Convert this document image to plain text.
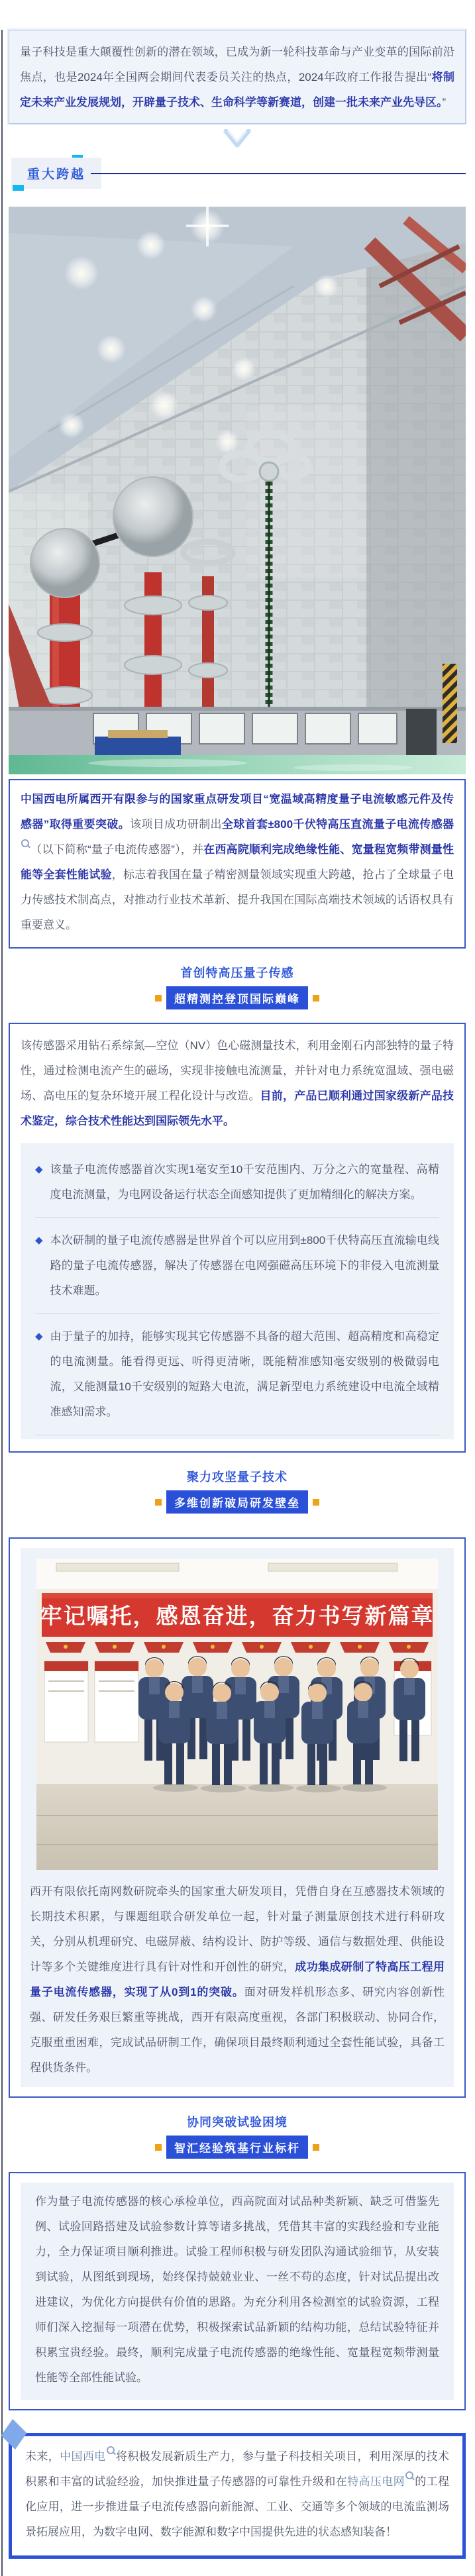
量子科技是重大颠覆性创新的潜在领域，已成为新一轮科技革命与产业变革的国际前沿焦点，也是2024年全国两会期间代表委员关注的热点，2024年政府工作报告提出“将制定未来产业发展规划，开辟量子技术、生命科学等新赛道，创建一批未来产业先导区。”

重大跨越

中国西电所属西开有限参与的国家重点研发项目“宽温域高精度量子电流敏感元件及传感器”取得重要突破。该项目成功研制出全球首套±800千伏特高压直流量子电流传感器（以下简称“量子电流传感器”），并在西高院顺利完成绝缘性能、宽量程宽频带测量性能等全套性能试验，标志着我国在量子精密测量领域实现重大跨越，抢占了全球量子电力传感技术制高点，对推动行业技术革新、提升我国在国际高端技术领域的话语权具有重要意义。

首创特高压量子传感
超精测控登顶国际巅峰

该传感器采用钻石系综氮—空位（NV）色心磁测量技术，利用金刚石内部独特的量子特性，通过检测电流产生的磁场，实现非接触电流测量，并针对电力系统宽温域、强电磁场、高电压的复杂环境开展工程化设计与改造。目前，产品已顺利通过国家级新产品技术鉴定，综合技术性能达到国际领先水平。

◆ 该量子电流传感器首次实现1毫安至10千安范围内、万分之六的宽量程、高精度电流测量，为电网设备运行状态全面感知提供了更加精细化的解决方案。

◆ 本次研制的量子电流传感器是世界首个可以应用到±800千伏特高压直流输电线路的量子电流传感器，解决了传感器在电网强磁高压环境下的非侵入电流测量技术难题。

◆ 由于量子的加持，能够实现其它传感器不具备的超大范围、超高精度和高稳定的电流测量。能看得更远、听得更清晰，既能精准感知毫安级别的极微弱电流，又能测量10千安级别的短路大电流，满足新型电力系统建设中电流全域精准感知需求。

聚力攻坚量子技术
多维创新破局研发壁垒
牢记嘱托，感恩奋进，奋力书写新篇章

西开有限依托南网数研院牵头的国家重大研发项目，凭借自身在互感器技术领域的长期技术积累，与课题组联合研发单位一起，针对量子测量原创技术进行科研攻关，分别从机理研究、电磁屏蔽、结构设计、防护等级、通信与数据处理、供能设计等多个关键维度进行具有针对性和开创性的研究，成功集成研制了特高压工程用量子电流传感器，实现了从0到1的突破。面对研发样机形态多、研究内容创新性强、研发任务艰巨繁重等挑战，西开有限高度重视，各部门积极联动、协同合作，克服重重困难，完成试品研制工作，确保项目最终顺利通过全套性能试验，具备工程供货条件。

协同突破试验困境
智汇经验筑基行业标杆

作为量子电流传感器的核心承检单位，西高院面对试品种类新颖、缺乏可借鉴先例、试验回路搭建及试验参数计算等诸多挑战，凭借其丰富的实践经验和专业能力，全力保证项目顺利推进。试验工程师积极与研发团队沟通试验细节，从安装到试验，从图纸到现场，始终保持兢兢业业、一丝不苟的态度，针对试品提出改进建议，为优化方向提供有价值的思路。为充分利用各检测室的试验资源，工程师们深入挖掘每一项潜在优势，积极探索试品新颖的结构功能，总结试验特征并积累宝贵经验。最终，顺利完成量子电流传感器的绝缘性能、宽量程宽频带测量性能等全部性能试验。

未来，中国西电 将积极发展新质生产力，参与量子科技相关项目，利用深厚的技术积累和丰富的试验经验，加快推进量子传感器的可靠性升级和在特高压电网 的工程化应用，进一步推进量子电流传感器向新能源、工业、交通等多个领域的电流监测场景拓展应用，为数字电网、数字能源和数字中国提供先进的状态感知装备！
